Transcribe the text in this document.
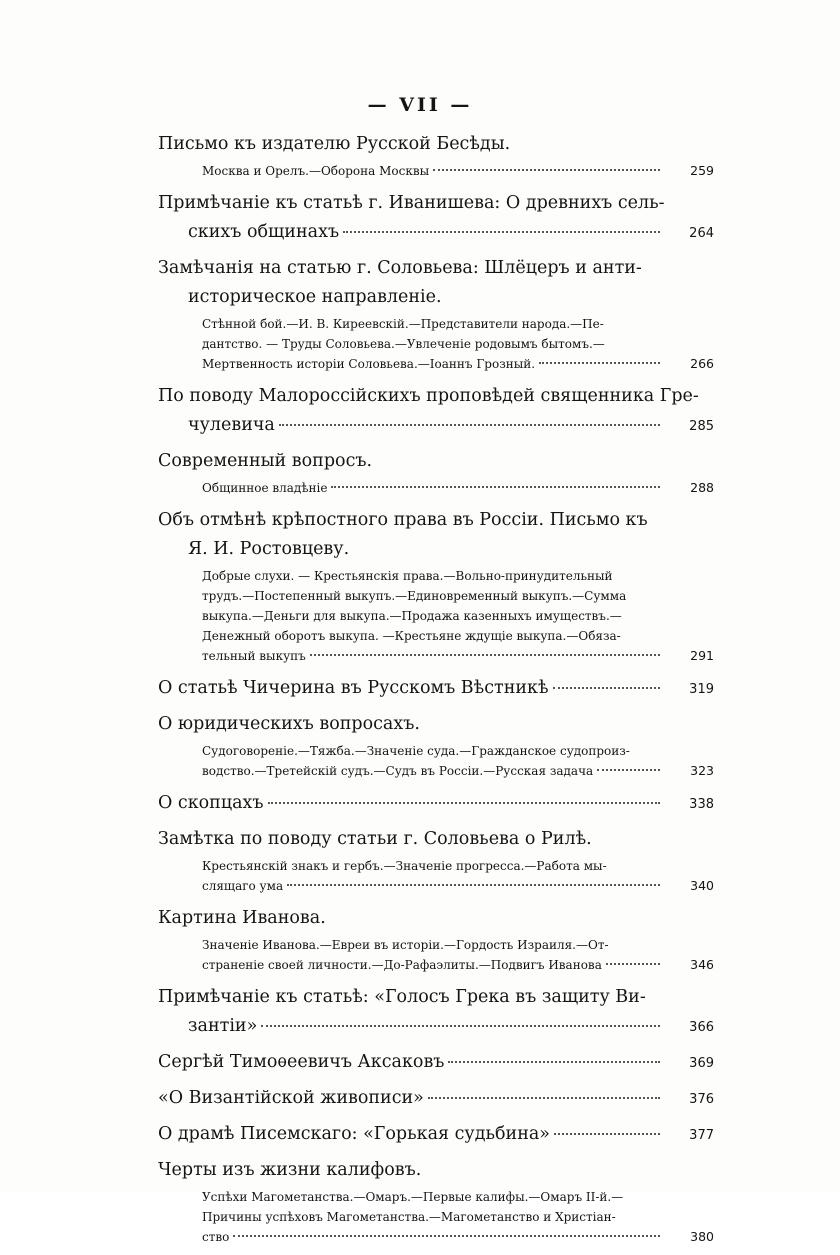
— VII —
Письмо къ издателю Русской Бесѣды.
Москва и Орелъ.—Оборона Москвы	259
Примѣчаніе къ статьѣ г. Иванишева: О древнихъ сель-
скихъ общинахъ	264
Замѣчанія на статью г. Соловьева: Шлёцеръ и анти-
историческое направленіе.
Стѣнной бой.—И. В. Киреевскій.—Представители народа.—Пе-
дантство. — Труды Соловьева.—Увлеченіе родовымъ бытомъ.—
Мертвенность исторіи Соловьева.—Іоаннъ Грозный.	266
По поводу Малороссійскихъ проповѣдей священника Гре-
чулевича	285
Современный вопросъ.
Общинное владѣніе	288
Объ отмѣнѣ крѣпостного права въ Россіи. Письмо къ
Я. И. Ростовцеву.
Добрые слухи. — Крестьянскія права.—Вольно-принудительный
трудъ.—Постепенный выкупъ.—Единовременный выкупъ.—Сумма
выкупа.—Деньги для выкупа.—Продажа казенныхъ имуществъ.—
Денежный оборотъ выкупа. —Крестьяне ждущіе выкупа.—Обяза-
тельный выкупъ	291
О статьѣ Чичерина въ Русскомъ Вѣстникѣ	319
О юридическихъ вопросахъ.
Судоговореніе.—Тяжба.—Значеніе суда.—Гражданское судопроиз-
водство.—Третейскій судъ.—Судъ въ Россіи.—Русская задача	323
О скопцахъ	338
Замѣтка по поводу статьи г. Соловьева о Рилѣ.
Крестьянскій знакъ и гербъ.—Значеніе прогресса.—Работа мы-
слящаго ума	340
Картина Иванова.
Значеніе Иванова.—Евреи въ исторіи.—Гордость Израиля.—От-
страненіе своей личности.—До-Рафаэлиты.—Подвигъ Иванова	346
Примѣчаніе къ статьѣ: «Голосъ Грека въ защиту Ви-
зантіи»	366
Сергѣй Тимоѳеевичъ Аксаковъ	369
«О Византійской живописи»	376
О драмѣ Писемскаго: «Горькая судьбина»	377
Черты изъ жизни калифовъ.
Успѣхи Магометанства.—Омаръ.—Первые калифы.—Омаръ II-й.—
Причины успѣховъ Магометанства.—Магометанство и Христіан-
ство	380
